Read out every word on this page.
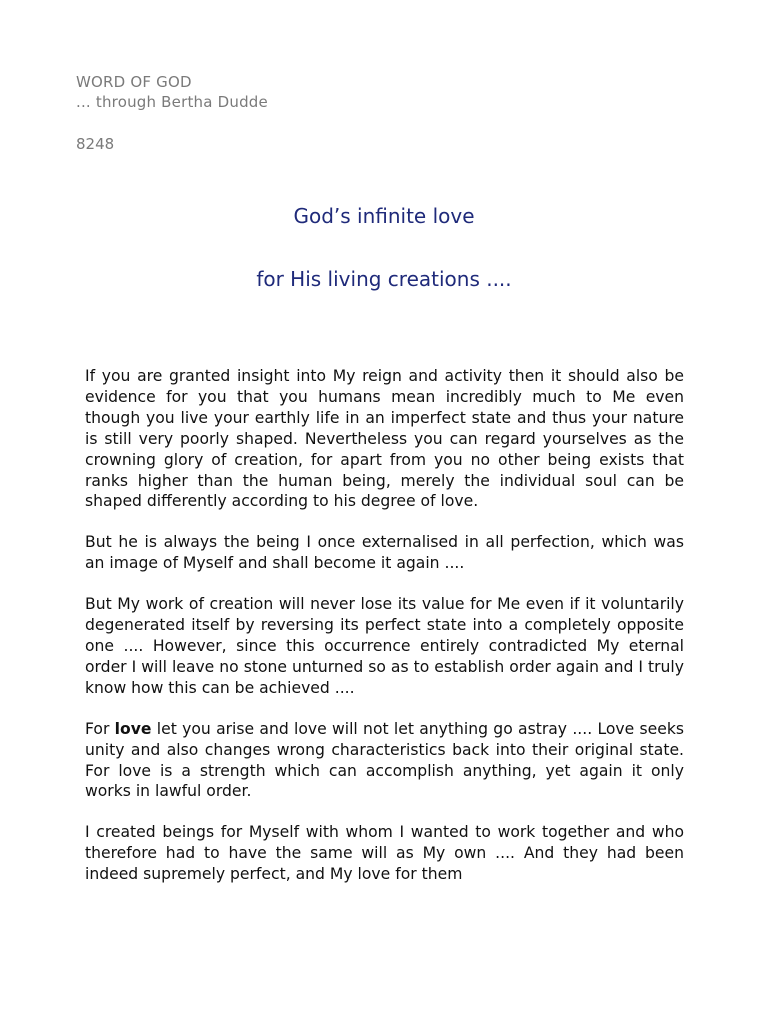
WORD OF GOD
... through Bertha Dudde
8248
God’s infinite love
for His living creations ....

If you are granted insight into My reign and activity then it should also be evidence for you that you humans mean incredibly much to Me even though you live your earthly life in an imperfect state and thus your nature is still very poorly shaped. Nevertheless you can regard yourselves as the crowning glory of creation, for apart from you no other being exists that ranks higher than the human being, merely the individual soul can be shaped differently according to his degree of love.

But he is always the being I once externalised in all perfection, which was an image of Myself and shall become it again ....

But My work of creation will never lose its value for Me even if it voluntarily degenerated itself by reversing its perfect state into a completely opposite one .... However, since this occurrence entirely contradicted My eternal order I will leave no stone unturned so as to establish order again and I truly know how this can be achieved ....

For love let you arise and love will not let anything go astray .... Love seeks unity and also changes wrong characteristics back into their original state. For love is a strength which can accomplish anything, yet again it only works in lawful order.

I created beings for Myself with whom I wanted to work together and who therefore had to have the same will as My own .... And they had been indeed supremely perfect, and My love for them
